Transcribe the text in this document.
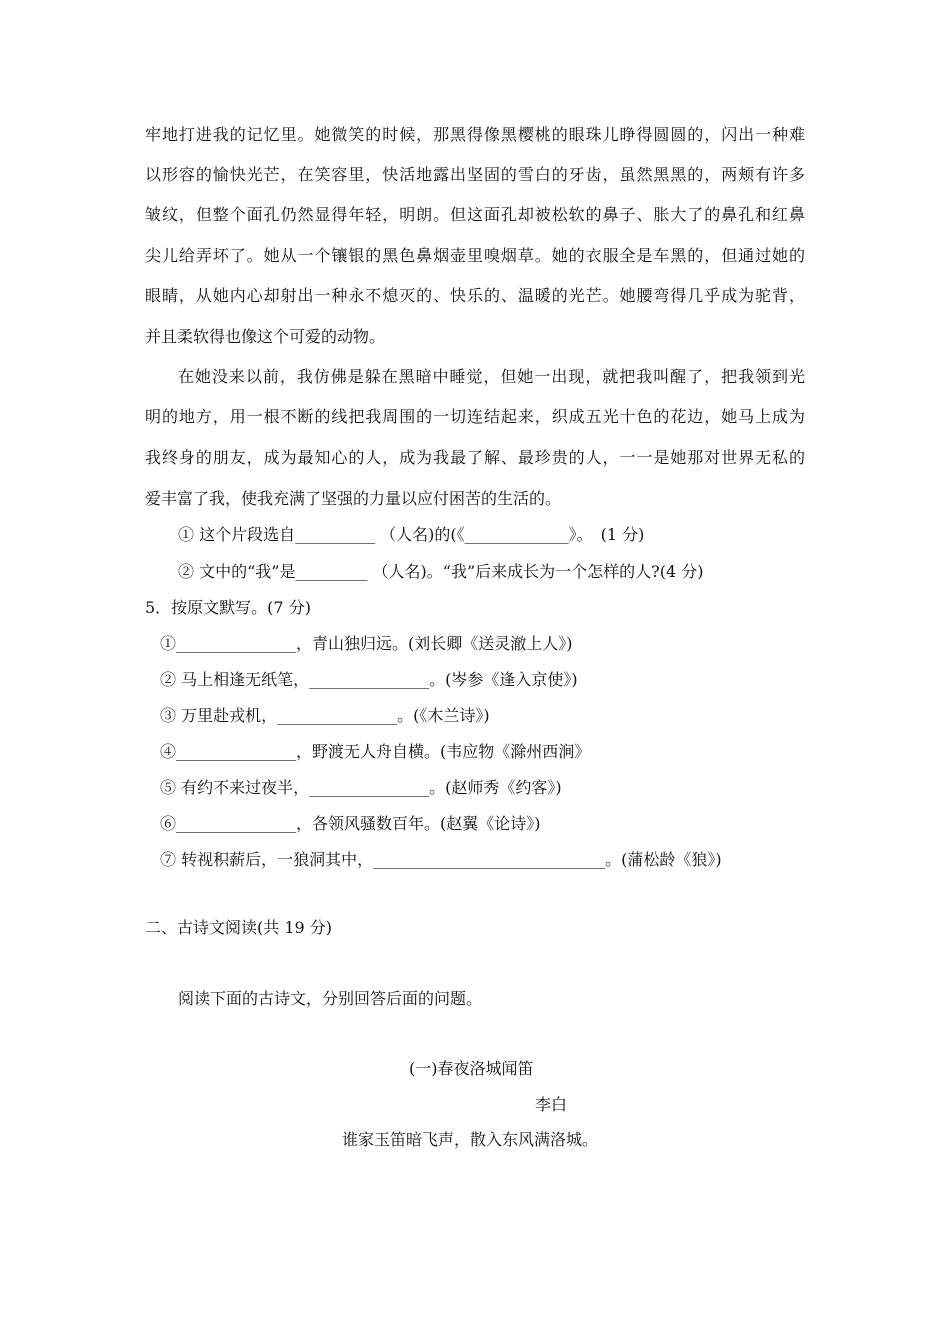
牢地打进我的记忆里。她微笑的时候，那黑得像黑樱桃的眼珠儿睁得圆圆的，闪出一种难
以形容的愉快光芒，在笑容里，快活地露出坚固的雪白的牙齿，虽然黑黑的，两颊有许多
皱纹，但整个面孔仍然显得年轻，明朗。但这面孔却被松软的鼻子、胀大了的鼻孔和红鼻
尖儿给弄坏了。她从一个镶银的黑色鼻烟壶里嗅烟草。她的衣服全是车黑的，但通过她的
眼睛，从她内心却射出一种永不熄灭的、快乐的、温暖的光芒。她腰弯得几乎成为驼背，
并且柔软得也像这个可爱的动物。
在她没来以前，我仿佛是躲在黑暗中睡觉，但她一出现，就把我叫醒了，把我领到光
明的地方，用一根不断的线把我周围的一切连结起来，织成五光十色的花边，她马上成为
我终身的朋友，成为最知心的人，成为我最了解、最珍贵的人，一一是她那对世界无私的
爱丰富了我，使我充满了坚强的力量以应付困苦的生活的。
① 这个片段选自__________ （人名)的(《_____________》。　(1 分)
② 文中的“我”是_________ （人名)。“我”后来成长为一个怎样的人?(4 分)
5．按原文默写。(7 分)
①_______________，青山独归远。(刘长卿《送灵澈上人》)
② 马上相逢无纸笔，_______________。(岑参《逢入京使》)
③ 万里赴戎机，_______________。(《木兰诗》)
④_______________，野渡无人舟自横。(韦应物《滁州西涧》
⑤ 有约不来过夜半，_______________。(赵师秀《约客》)
⑥_______________，各领风骚数百年。(赵翼《论诗》)
⑦ 转视积薪后，一狼洞其中，_____________________________。(蒲松龄《狼》)
二、古诗文阅读(共 19 分)
阅读下面的古诗文，分别回答后面的问题。
(一)春夜洛城闻笛
李白
谁家玉笛暗飞声，散入东风满洛城。
